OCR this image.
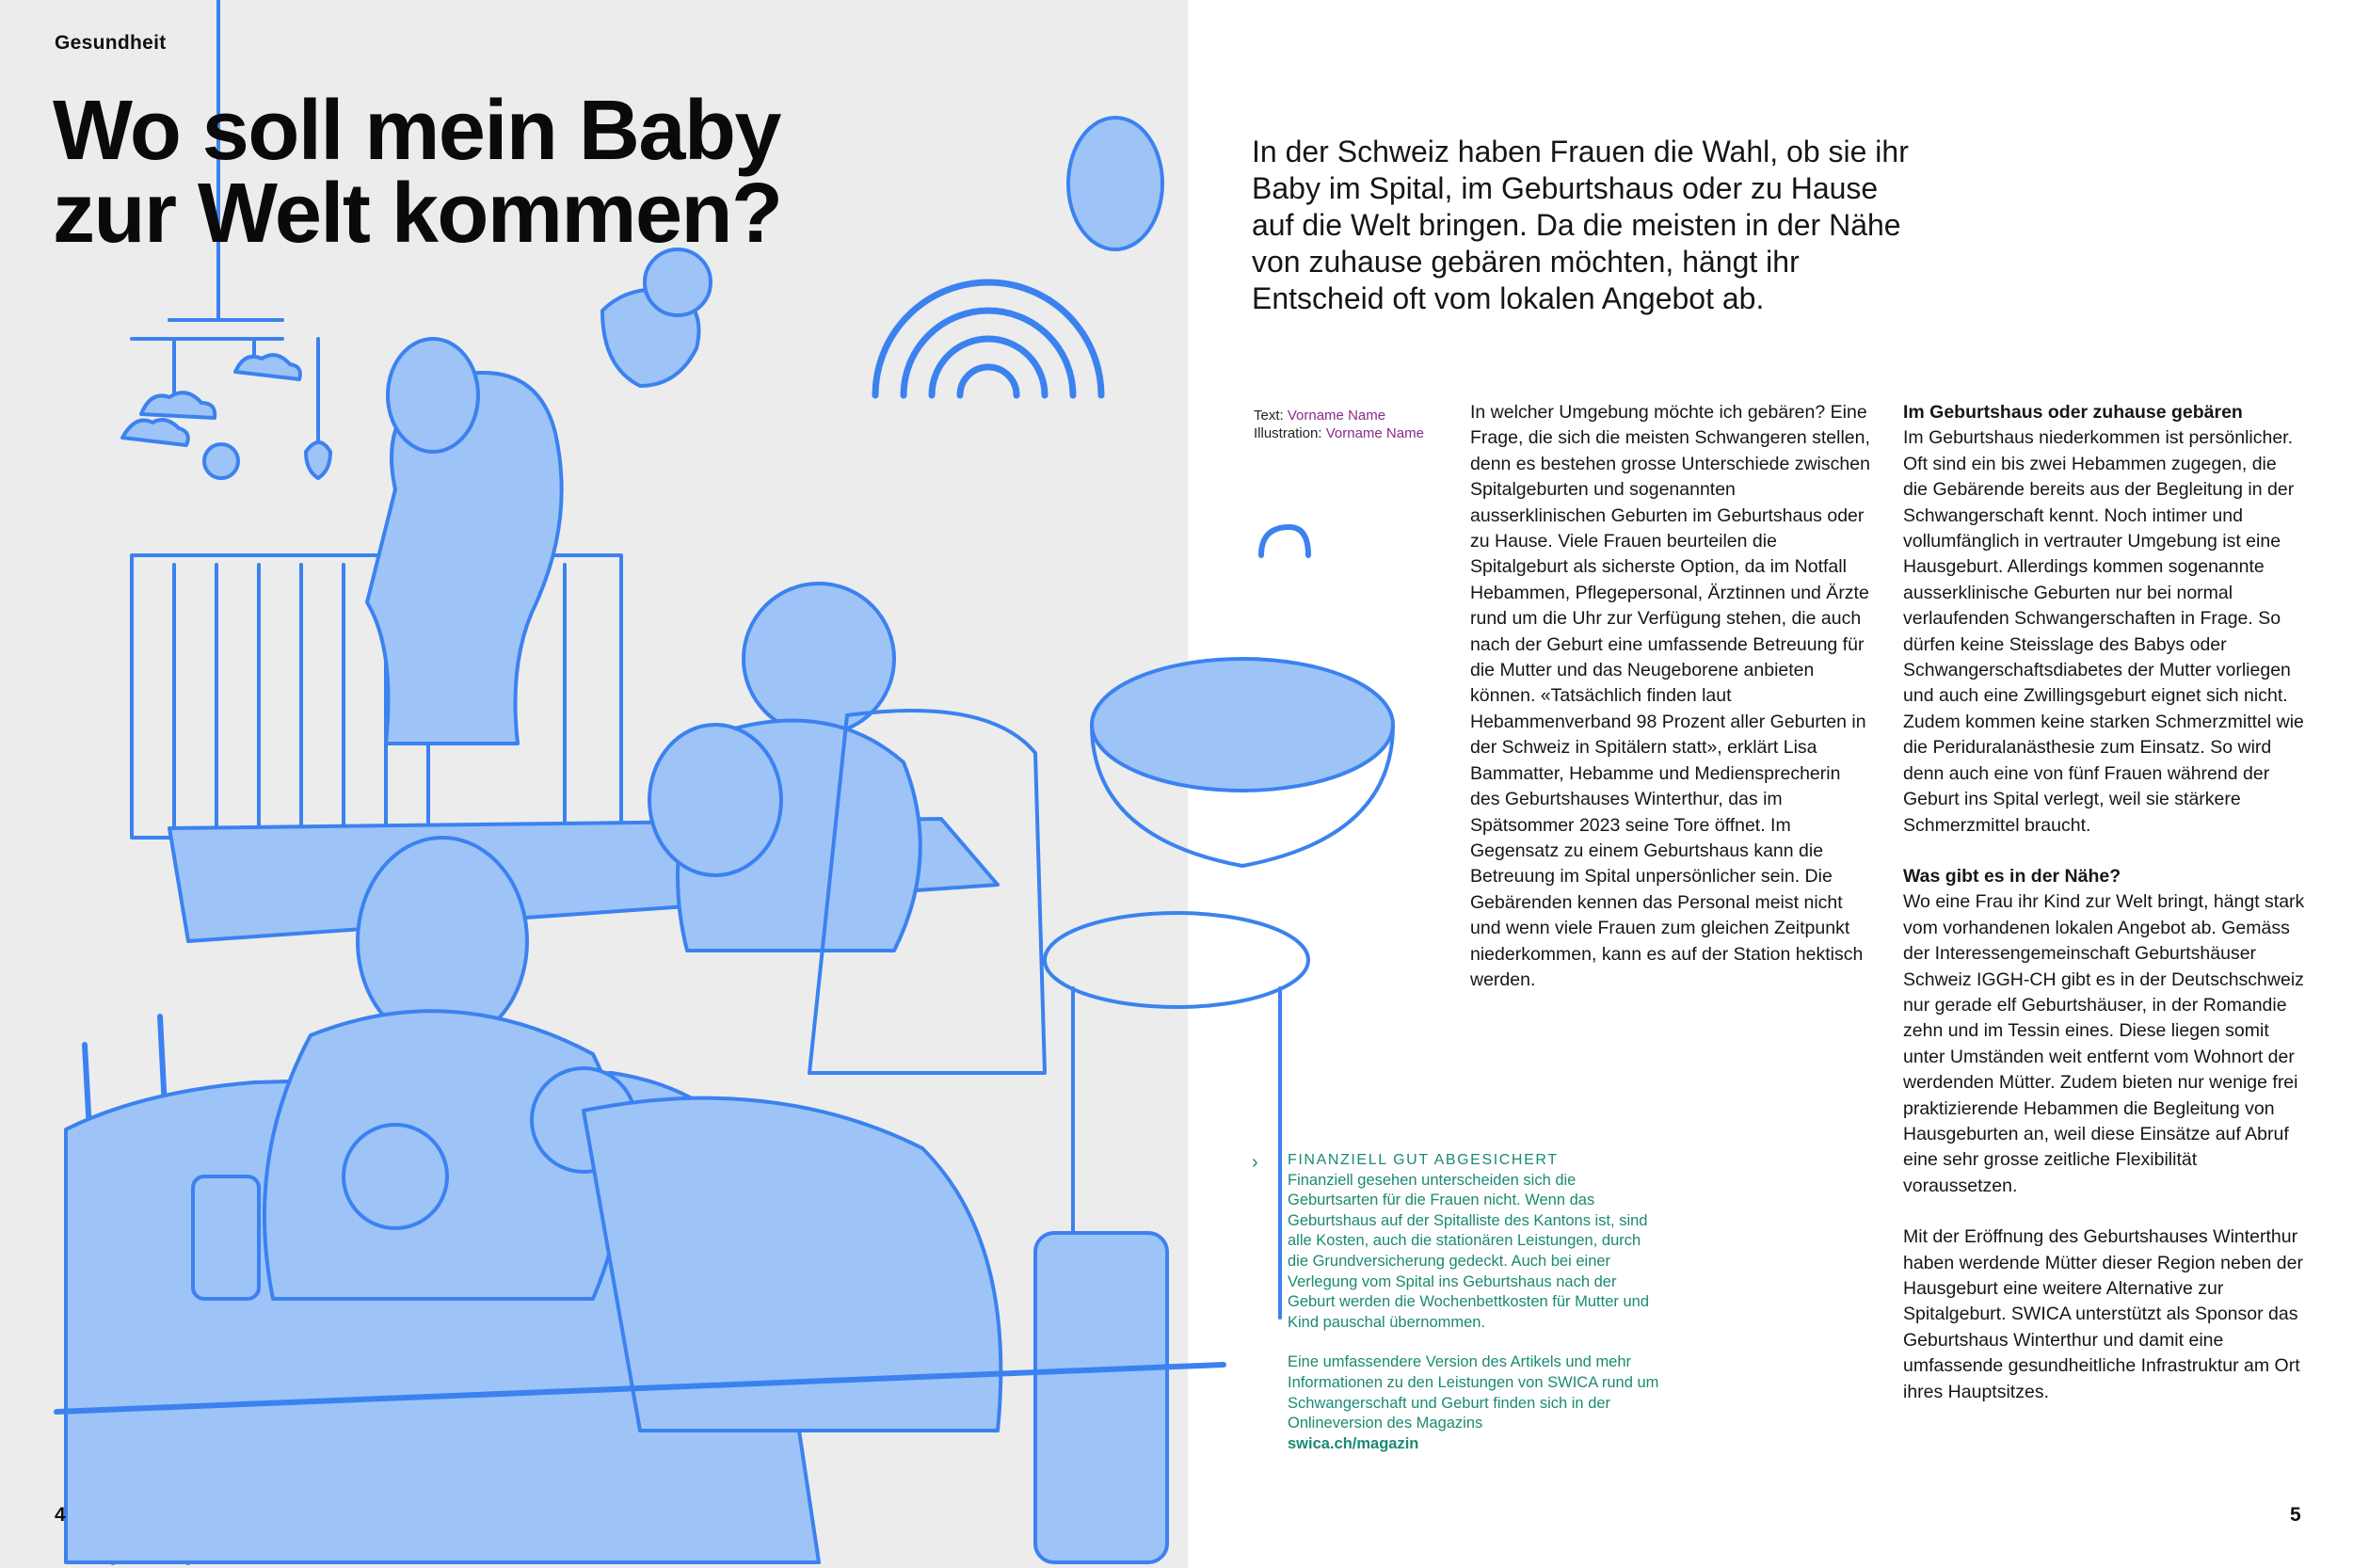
Gesundheit
Wo soll mein Baby
zur Welt kommen?

In der Schweiz haben Frauen die Wahl, ob sie ihr Baby im Spital, im Geburtshaus oder zu Hause auf die Welt bringen. Da die meisten in der Nähe von zuhause gebären möchten, hängt ihr Entscheid oft vom lokalen Angebot ab.

Text: Vorname Name
Illustration: Vorname Name

In welcher Umgebung möchte ich gebären? Eine Frage, die sich die meisten Schwangeren stellen, denn es bestehen grosse Unterschiede zwischen Spitalgeburten und sogenannten ausserklinischen Geburten im Geburtshaus oder zu Hause. Viele Frauen beurteilen die Spitalgeburt als sicherste Option, da im Notfall Hebammen, Pflegepersonal, Ärztinnen und Ärzte rund um die Uhr zur Verfügung stehen, die auch nach der Geburt eine umfassende Betreuung für die Mutter und das Neugeborene anbieten können. «Tatsächlich finden laut Hebammenverband 98 Prozent aller Geburten in der Schweiz in Spitälern statt», erklärt Lisa Bammatter, Hebamme und Mediensprecherin des Geburtshauses Winterthur, das im Spätsommer 2023 seine Tore öffnet. Im Gegensatz zu einem Geburtshaus kann die Betreuung im Spital unpersönlicher sein. Die Gebärenden kennen das Personal meist nicht und wenn viele Frauen zum gleichen Zeitpunkt niederkommen, kann es auf der Station hektisch werden.

Im Geburtshaus oder zuhause gebären

Im Geburtshaus niederkommen ist persönlicher. Oft sind ein bis zwei Hebammen zugegen, die die Gebärende bereits aus der Begleitung in der Schwangerschaft kennt. Noch intimer und vollumfänglich in vertrauter Umgebung ist eine Hausgeburt. Allerdings kommen sogenannte ausserklinische Geburten nur bei normal verlaufenden Schwangerschaften in Frage. So dürfen keine Steisslage des Babys oder Schwangerschaftsdiabetes der Mutter vorliegen und auch eine Zwillingsgeburt eignet sich nicht. Zudem kommen keine starken Schmerzmittel wie die Periduralanästhesie zum Einsatz. So wird denn auch eine von fünf Frauen während der Geburt ins Spital verlegt, weil sie stärkere Schmerzmittel braucht.

Was gibt es in der Nähe?

Wo eine Frau ihr Kind zur Welt bringt, hängt stark vom vorhandenen lokalen Angebot ab. Gemäss der Interessengemeinschaft Geburtshäuser Schweiz IGGH-CH gibt es in der Deutschschweiz nur gerade elf Geburtshäuser, in der Romandie zehn und im Tessin eines. Diese liegen somit unter Umständen weit entfernt vom Wohnort der werdenden Mütter. Zudem bieten nur wenige frei praktizierende Hebammen die Begleitung von Hausgeburten an, weil diese Einsätze auf Abruf eine sehr grosse zeitliche Flexibilität voraussetzen.

Mit der Eröffnung des Geburtshauses Winterthur haben werdende Mütter dieser Region neben der Hausgeburt eine weitere Alternative zur Spitalgeburt. SWICA unterstützt als Sponsor das Geburtshaus Winterthur und damit eine umfassende gesundheitliche Infrastruktur am Ort ihres Hauptsitzes.

› FINANZIELL GUT ABGESICHERT
Finanziell gesehen unterscheiden sich die Geburtsarten für die Frauen nicht. Wenn das Geburtshaus auf der Spitalliste des Kantons ist, sind alle Kosten, auch die stationären Leistungen, durch die Grundversicherung gedeckt. Auch bei einer Verlegung vom Spital ins Geburtshaus nach der Geburt werden die Wochenbettkosten für Mutter und Kind pauschal übernommen.
Eine umfassendere Version des Artikels und mehr Informationen zu den Leistungen von SWICA rund um Schwangerschaft und Geburt finden sich in der Onlineversion des Magazins
swica.ch/magazin
4	5
